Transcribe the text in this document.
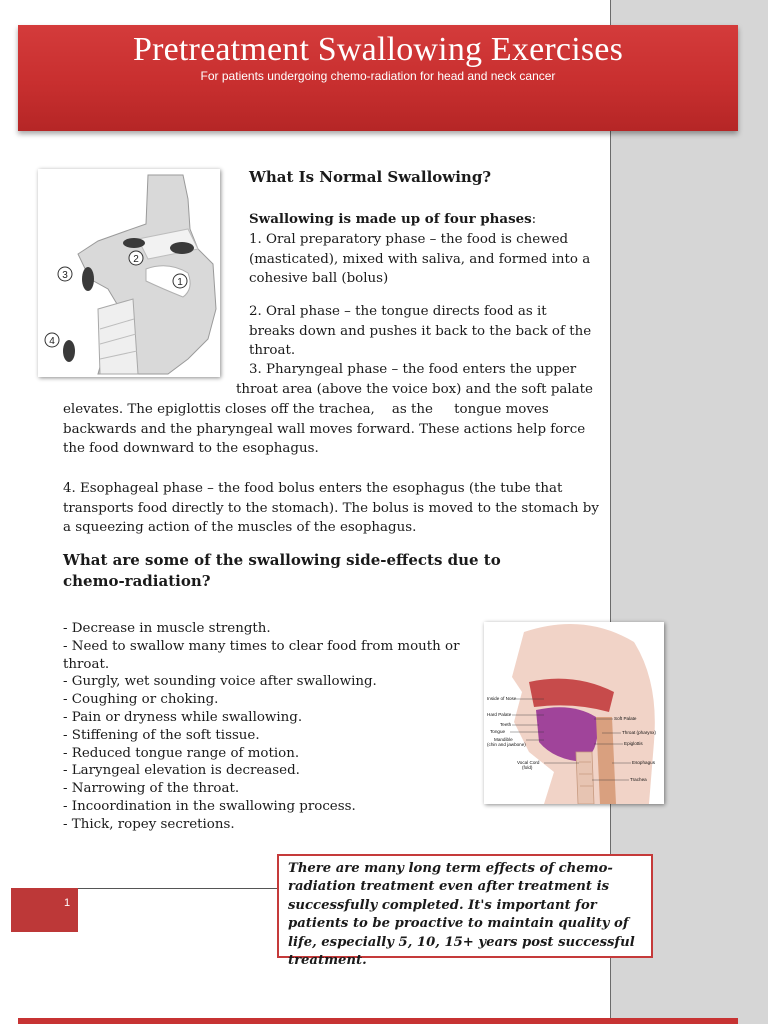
Pretreatment Swallowing Exercises
For patients undergoing chemo-radiation for head and neck cancer
2
1
3
4
What Is Normal Swallowing?
Swallowing is made up of four phases:
1. Oral preparatory phase – the food is chewed (masticated), mixed with saliva, and formed into a cohesive ball (bolus)
2. Oral phase – the tongue directs food as it breaks down and pushes it back to the back of the throat.
3. Pharyngeal phase – the food enters the upper
throat area (above the voice box) and the soft palate
elevates. The epiglottis closes off the trachea,    as the     tongue moves backwards and the pharyngeal wall moves forward. These actions help force the food downward to the esophagus.
4. Esophageal phase – the food bolus enters the esophagus (the tube that transports food directly to the stomach). The bolus is moved to the stomach by a squeezing action of the muscles of the esophagus.
What are some of the swallowing side-effects due to chemo-radiation?
- Decrease in muscle strength.
- Need to swallow many times to clear food from mouth or throat.
- Gurgly, wet sounding voice after swallowing.
- Coughing or choking.
- Pain or dryness while swallowing.
- Stiffening of the soft tissue.
- Reduced tongue range of motion.
- Laryngeal elevation is decreased.
- Narrowing of the throat.
- Incoordination in the swallowing process.
- Thick, ropey secretions.
Inside of Nose
Hard Palate
Teeth
Tongue
Mandible
(chin and jawbone)
Vocal Cord
(fold)
Soft Palate
Throat (pharynx)
Epiglottis
Esophagus
Trachea
There are many long term effects of chemo-radiation treatment even after treatment is successfully completed. It's important for patients to be proactive to maintain quality of life, especially 5, 10, 15+ years post successful treatment.
1
